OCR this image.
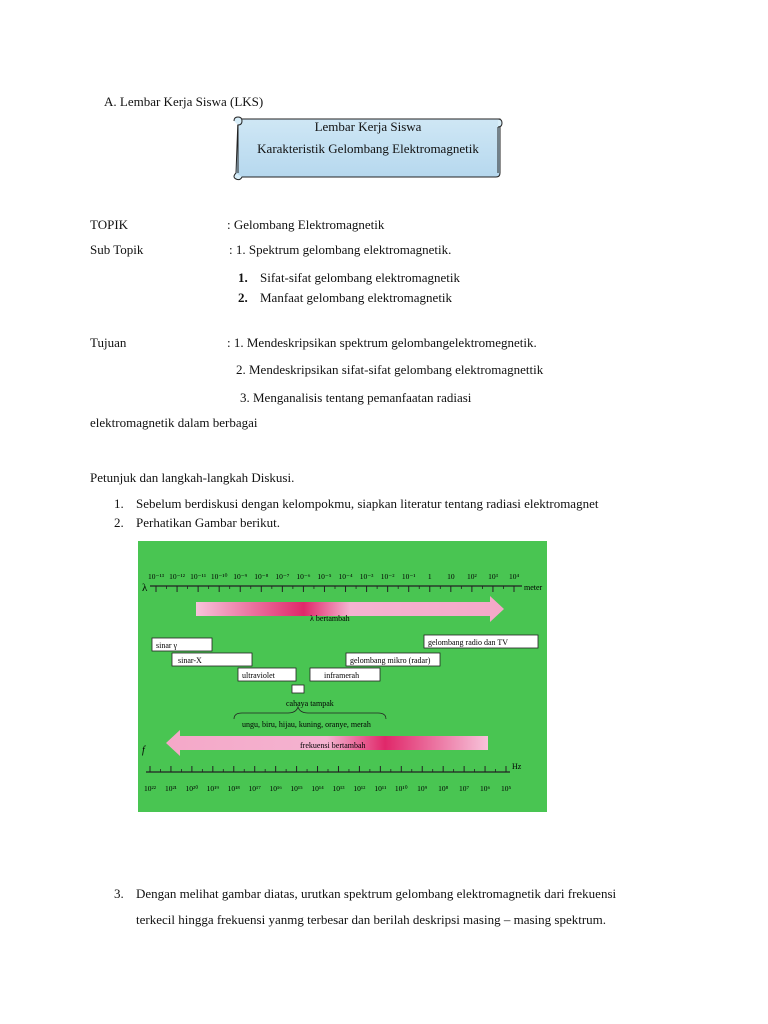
A. Lembar Kerja Siswa (LKS)
Lembar Kerja Siswa
Karakteristik Gelombang Elektromagnetik
TOPIK	: Gelombang Elektromagnetik
Sub Topik	: 1. Spektrum gelombang elektromagnetik.
1. Sifat-sifat gelombang elektromagnetik
2. Manfaat gelombang elektromagnetik
Tujuan	: 1. Mendeskripsikan spektrum gelombangelektromegnetik.
2. Mendeskripsikan sifat-sifat gelombang elektromagnettik
3. Menganalisis tentang pemanfaatan radiasi
elektromagnetik dalam berbagai
Petunjuk dan langkah-langkah Diskusi.
1. Sebelum berdiskusi dengan kelompokmu, siapkan literatur tentang radiasi elektromagnet
2. Perhatikan Gambar berikut.
10⁻¹³ 10⁻¹² 10⁻¹¹ 10⁻¹⁰ 10⁻⁹ 10⁻⁸ 10⁻⁷ 10⁻⁶ 10⁻⁵ 10⁻⁴ 10⁻³ 10⁻² 10⁻¹ 1 10 10² 10³ 10⁴
λ	meter
λ bertambah
sinar γ
sinar-X
ultraviolet	inframerah
gelombang mikro (radar)
gelombang radio dan TV
cahaya tampak
ungu, biru, hijau, kuning, oranye, merah
frekuensi bertambah
f
Hz
10²² 10²¹ 10²⁰ 10¹⁹ 10¹⁸ 10¹⁷ 10¹⁶ 10¹⁵ 10¹⁴ 10¹³ 10¹² 10¹¹ 10¹⁰ 10⁹ 10⁸ 10⁷ 10⁶ 10⁵
3. Dengan melihat gambar diatas, urutkan spektrum gelombang elektromagnetik dari frekuensi
terkecil hingga frekuensi yanmg terbesar dan berilah deskripsi masing – masing spektrum.
